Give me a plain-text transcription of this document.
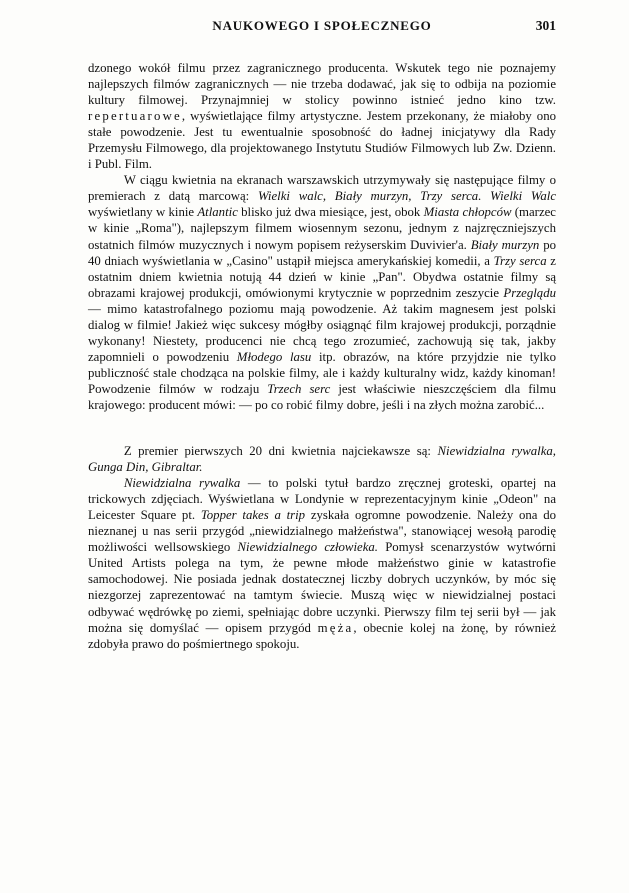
NAUKOWEGO I SPOŁECZNEGO	301

dzonego wokół filmu przez zagranicznego producenta. Wskutek tego nie poznajemy najlepszych filmów zagranicznych — nie trzeba dodawać, jak się to odbija na poziomie kultury filmowej. Przynajmniej w stolicy powinno istnieć jedno kino tzw. repertuarowe, wyświetlające filmy artystyczne. Jestem przekonany, że miałoby ono stałe powodzenie. Jest tu ewentualnie sposobność do ładnej inicjatywy dla Rady Przemysłu Filmowego, dla projektowanego Instytutu Studiów Filmowych lub Zw. Dzienn. i Publ. Film.

W ciągu kwietnia na ekranach warszawskich utrzymywały się następujące filmy o premierach z datą marcową: Wielki walc, Biały murzyn, Trzy serca. Wielki Walc wyświetlany w kinie Atlantic blisko już dwa miesiące, jest, obok Miasta chłopców (marzec w kinie „Roma"), najlepszym filmem wiosennym sezonu, jednym z najzręczniejszych ostatnich filmów muzycznych i nowym popisem reżyserskim Duvivier'a. Biały murzyn po 40 dniach wyświetlania w „Casino" ustąpił miejsca amerykańskiej komedii, a Trzy serca z ostatnim dniem kwietnia notują 44 dzień w kinie „Pan". Obydwa ostatnie filmy są obrazami krajowej produkcji, omówionymi krytycznie w poprzednim zeszycie Przeglądu — mimo katastrofalnego poziomu mają powodzenie. Aż takim magnesem jest polski dialog w filmie! Jakież więc sukcesy mógłby osiągnąć film krajowej produkcji, porządnie wykonany! Niestety, producenci nie chcą tego zrozumieć, zachowują się tak, jakby zapomnieli o powodzeniu Młodego lasu itp. obrazów, na które przyjdzie nie tylko publiczność stale chodząca na polskie filmy, ale i każdy kulturalny widz, każdy kinoman! Powodzenie filmów w rodzaju Trzech serc jest właściwie nieszczęściem dla filmu krajowego: producent mówi: — po co robić filmy dobre, jeśli i na złych można zarobić...

Z premier pierwszych 20 dni kwietnia najciekawsze są: Niewidzialna rywalka, Gunga Din, Gibraltar.

Niewidzialna rywalka — to polski tytuł bardzo zręcznej groteski, opartej na trickowych zdjęciach. Wyświetlana w Londynie w reprezentacyjnym kinie „Odeon" na Leicester Square pt. Topper takes a trip zyskała ogromne powodzenie. Należy ona do nieznanej u nas serii przygód „niewidzialnego małżeństwa", stanowiącej wesołą parodię możliwości wellsowskiego Niewidzialnego człowieka. Pomysł scenarzystów wytwórni United Artists polega na tym, że pewne młode małżeństwo ginie w katastrofie samochodowej. Nie posiada jednak dostatecznej liczby dobrych uczynków, by móc się niezgorzej zaprezentować na tamtym świecie. Muszą więc w niewidzialnej postaci odbywać wędrówkę po ziemi, spełniając dobre uczynki. Pierwszy film tej serii był — jak można się domyślać — opisem przygód męża, obecnie kolej na żonę, by również zdobyła prawo do pośmiertnego spokoju.
